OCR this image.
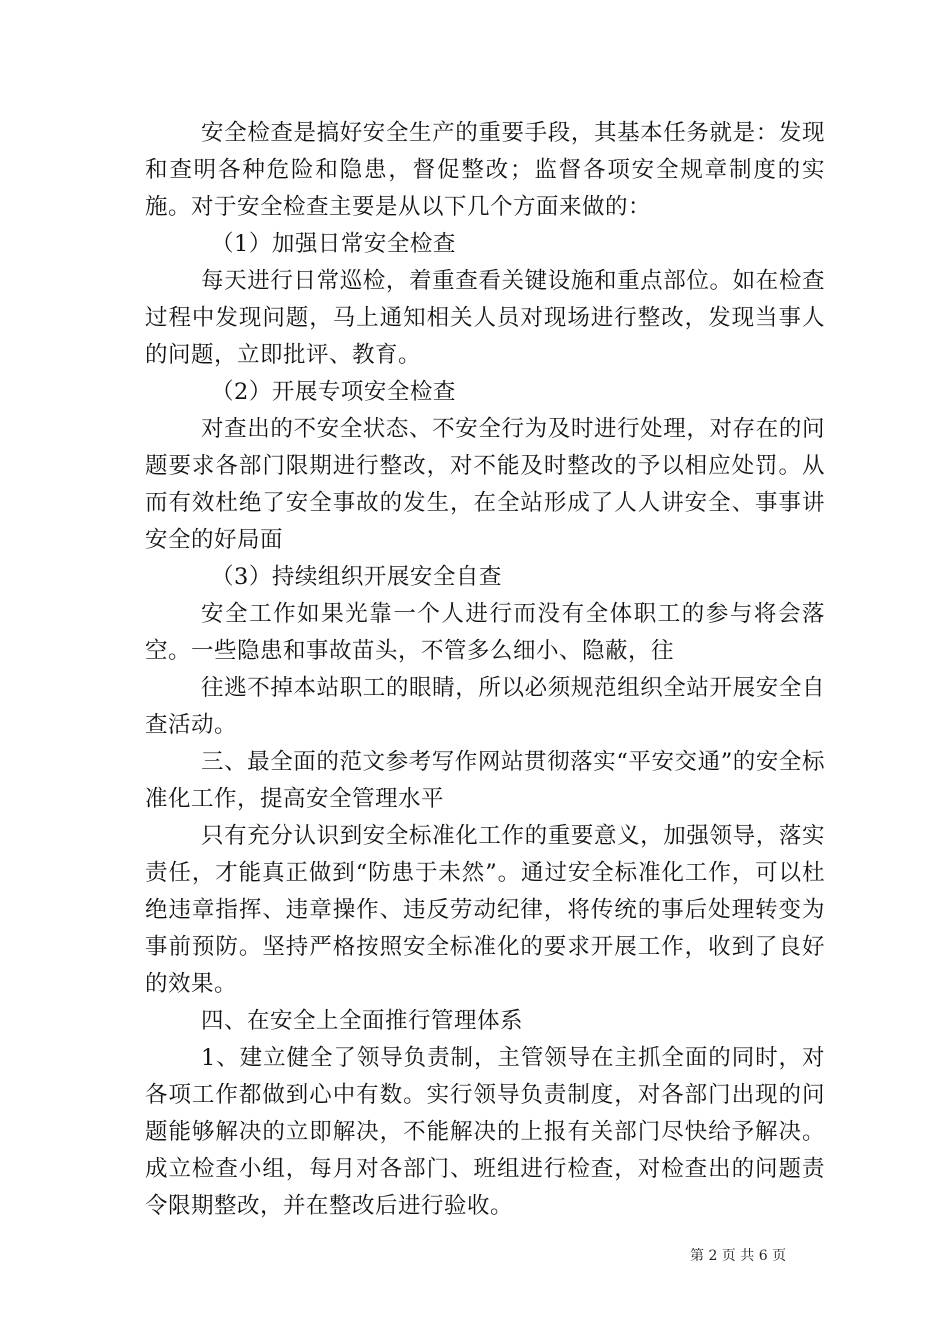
安全检查是搞好安全生产的重要手段，其基本任务就是：发现和查明各种危险和隐患，督促整改；监督各项安全规章制度的实施。对于安全检查主要是从以下几个方面来做的：

（1）加强日常安全检查

每天进行日常巡检，着重查看关键设施和重点部位。如在检查过程中发现问题，马上通知相关人员对现场进行整改，发现当事人的问题，立即批评、教育。

（2）开展专项安全检查

对查出的不安全状态、不安全行为及时进行处理，对存在的问题要求各部门限期进行整改，对不能及时整改的予以相应处罚。从而有效杜绝了安全事故的发生，在全站形成了人人讲安全、事事讲安全的好局面

（3）持续组织开展安全自查

安全工作如果光靠一个人进行而没有全体职工的参与将会落空。一些隐患和事故苗头，不管多么细小、隐蔽，往

往逃不掉本站职工的眼睛，所以必须规范组织全站开展安全自查活动。

三、最全面的范文参考写作网站贯彻落实“平安交通”的安全标准化工作，提高安全管理水平

只有充分认识到安全标准化工作的重要意义，加强领导，落实责任，才能真正做到“防患于未然”。通过安全标准化工作，可以杜绝违章指挥、违章操作、违反劳动纪律，将传统的事后处理转变为事前预防。坚持严格按照安全标准化的要求开展工作，收到了良好的效果。

四、在安全上全面推行管理体系

1、建立健全了领导负责制，主管领导在主抓全面的同时，对各项工作都做到心中有数。实行领导负责制度，对各部门出现的问题能够解决的立即解决，不能解决的上报有关部门尽快给予解决。成立检查小组，每月对各部门、班组进行检查，对检查出的问题责令限期整改，并在整改后进行验收。

第 2 页 共 6 页
